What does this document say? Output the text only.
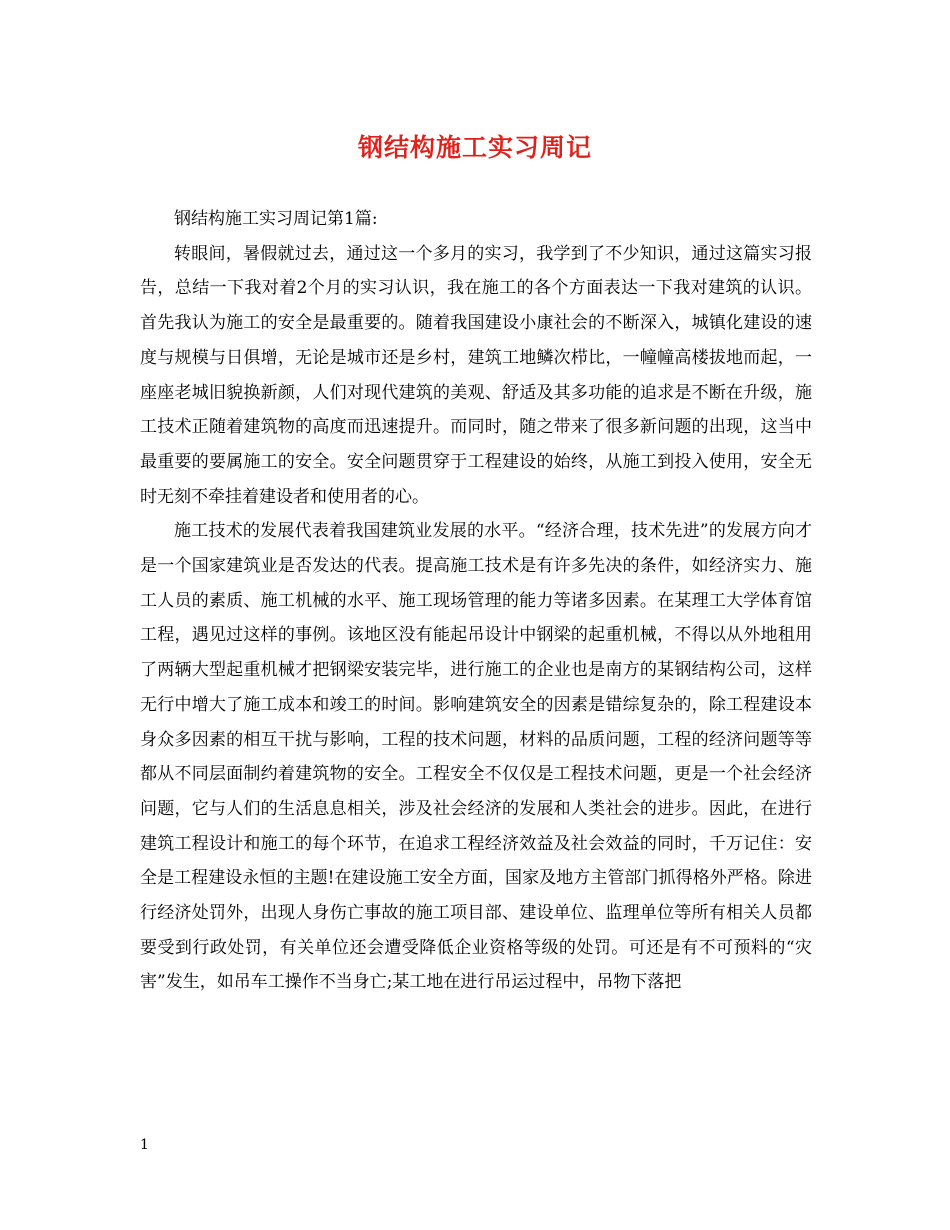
钢结构施工实习周记

钢结构施工实习周记第1篇:

转眼间，暑假就过去，通过这一个多月的实习，我学到了不少知识，通过这篇实习报告，总结一下我对着2个月的实习认识，我在施工的各个方面表达一下我对建筑的认识。 首先我认为施工的安全是最重要的。随着我国建设小康社会的不断深入，城镇化建设的速度与规模与日俱增，无论是城市还是乡村，建筑工地鳞次栉比，一幢幢高楼拔地而起，一座座老城旧貌换新颜，人们对现代建筑的美观、舒适及其多功能的追求是不断在升级，施工技术正随着建筑物的高度而迅速提升。而同时，随之带来了很多新问题的出现，这当中最重要的要属施工的安全。安全问题贯穿于工程建设的始终，从施工到投入使用，安全无时无刻不牵挂着建设者和使用者的心。

施工技术的发展代表着我国建筑业发展的水平。“经济合理，技术先进”的发展方向才是一个国家建筑业是否发达的代表。提高施工技术是有许多先决的条件，如经济实力、施工人员的素质、施工机械的水平、施工现场管理的能力等诸多因素。在某理工大学体育馆工程，遇见过这样的事例。该地区没有能起吊设计中钢梁的起重机械，不得以从外地租用了两辆大型起重机械才把钢梁安装完毕，进行施工的企业也是南方的某钢结构公司，这样无行中增大了施工成本和竣工的时间。影响建筑安全的因素是错综复杂的，除工程建设本身众多因素的相互干扰与影响，工程的技术问题，材料的品质问题，工程的经济问题等等都从不同层面制约着建筑物的安全。工程安全不仅仅是工程技术问题，更是一个社会经济问题，它与人们的生活息息相关，涉及社会经济的发展和人类社会的进步。因此，在进行建筑工程设计和施工的每个环节，在追求工程经济效益及社会效益的同时，千万记住：安全是工程建设永恒的主题!在建设施工安全方面，国家及地方主管部门抓得格外严格。除进行经济处罚外，出现人身伤亡事故的施工项目部、建设单位、监理单位等所有相关人员都要受到行政处罚，有关单位还会遭受降低企业资格等级的处罚。可还是有不可预料的“灾害”发生，如吊车工操作不当身亡;某工地在进行吊运过程中，吊物下落把

1
